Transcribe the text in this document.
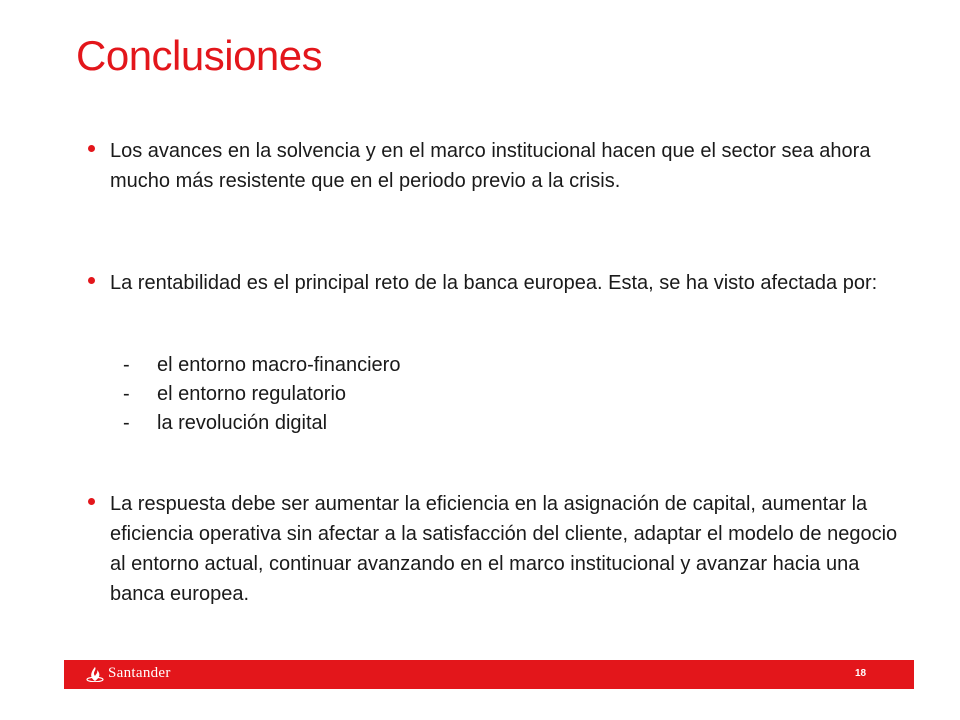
Conclusiones
Los avances en la solvencia y en el marco institucional hacen que el sector sea ahora mucho más resistente que en el periodo previo a la crisis.
La rentabilidad es el principal reto de la banca europea. Esta, se ha visto afectada por:
-	el entorno macro-financiero
-	el entorno regulatorio
-	la revolución digital
La respuesta debe ser aumentar la eficiencia en la asignación de capital, aumentar la eficiencia operativa sin afectar a la satisfacción del cliente, adaptar el modelo de negocio al entorno actual, continuar avanzando en el marco institucional y avanzar hacia una banca europea.
Santander	18
